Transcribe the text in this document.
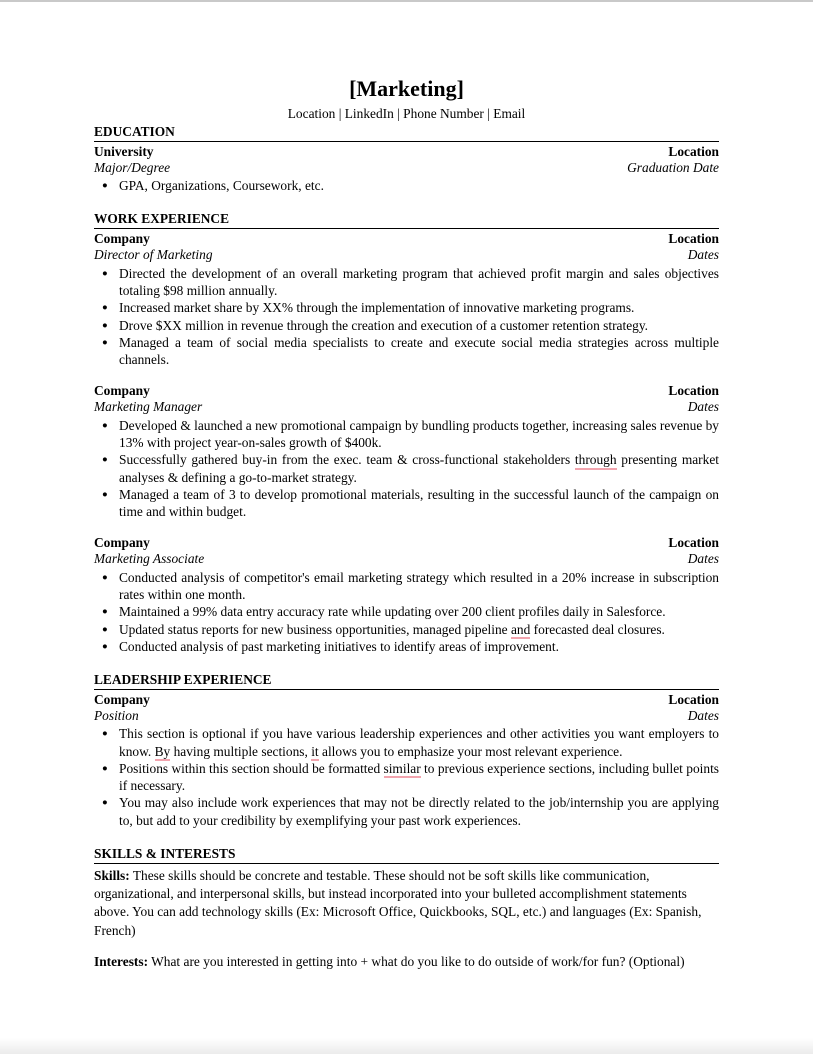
[Marketing]
Location | LinkedIn | Phone Number | Email
EDUCATION
University	Location
Major/Degree	Graduation Date
● GPA, Organizations, Coursework, etc.
WORK EXPERIENCE
Company	Location
Director of Marketing	Dates
● Directed the development of an overall marketing program that achieved profit margin and sales objectives totaling $98 million annually.
● Increased market share by XX% through the implementation of innovative marketing programs.
● Drove $XX million in revenue through the creation and execution of a customer retention strategy.
● Managed a team of social media specialists to create and execute social media strategies across multiple channels.
Company	Location
Marketing Manager	Dates
● Developed & launched a new promotional campaign by bundling products together, increasing sales revenue by 13% with project year-on-sales growth of $400k.
● Successfully gathered buy-in from the exec. team & cross-functional stakeholders through presenting market analyses & defining a go-to-market strategy.
● Managed a team of 3 to develop promotional materials, resulting in the successful launch of the campaign on time and within budget.
Company	Location
Marketing Associate	Dates
● Conducted analysis of competitor's email marketing strategy which resulted in a 20% increase in subscription rates within one month.
● Maintained a 99% data entry accuracy rate while updating over 200 client profiles daily in Salesforce.
● Updated status reports for new business opportunities, managed pipeline and forecasted deal closures.
● Conducted analysis of past marketing initiatives to identify areas of improvement.
LEADERSHIP EXPERIENCE
Company	Location
Position	Dates
● This section is optional if you have various leadership experiences and other activities you want employers to know. By having multiple sections, it allows you to emphasize your most relevant experience.
● Positions within this section should be formatted similar to previous experience sections, including bullet points if necessary.
● You may also include work experiences that may not be directly related to the job/internship you are applying to, but add to your credibility by exemplifying your past work experiences.
SKILLS & INTERESTS

Skills: These skills should be concrete and testable. These should not be soft skills like communication, organizational, and interpersonal skills, but instead incorporated into your bulleted accomplishment statements above. You can add technology skills (Ex: Microsoft Office, Quickbooks, SQL, etc.) and languages (Ex: Spanish, French)

Interests: What are you interested in getting into + what do you like to do outside of work/for fun? (Optional)
